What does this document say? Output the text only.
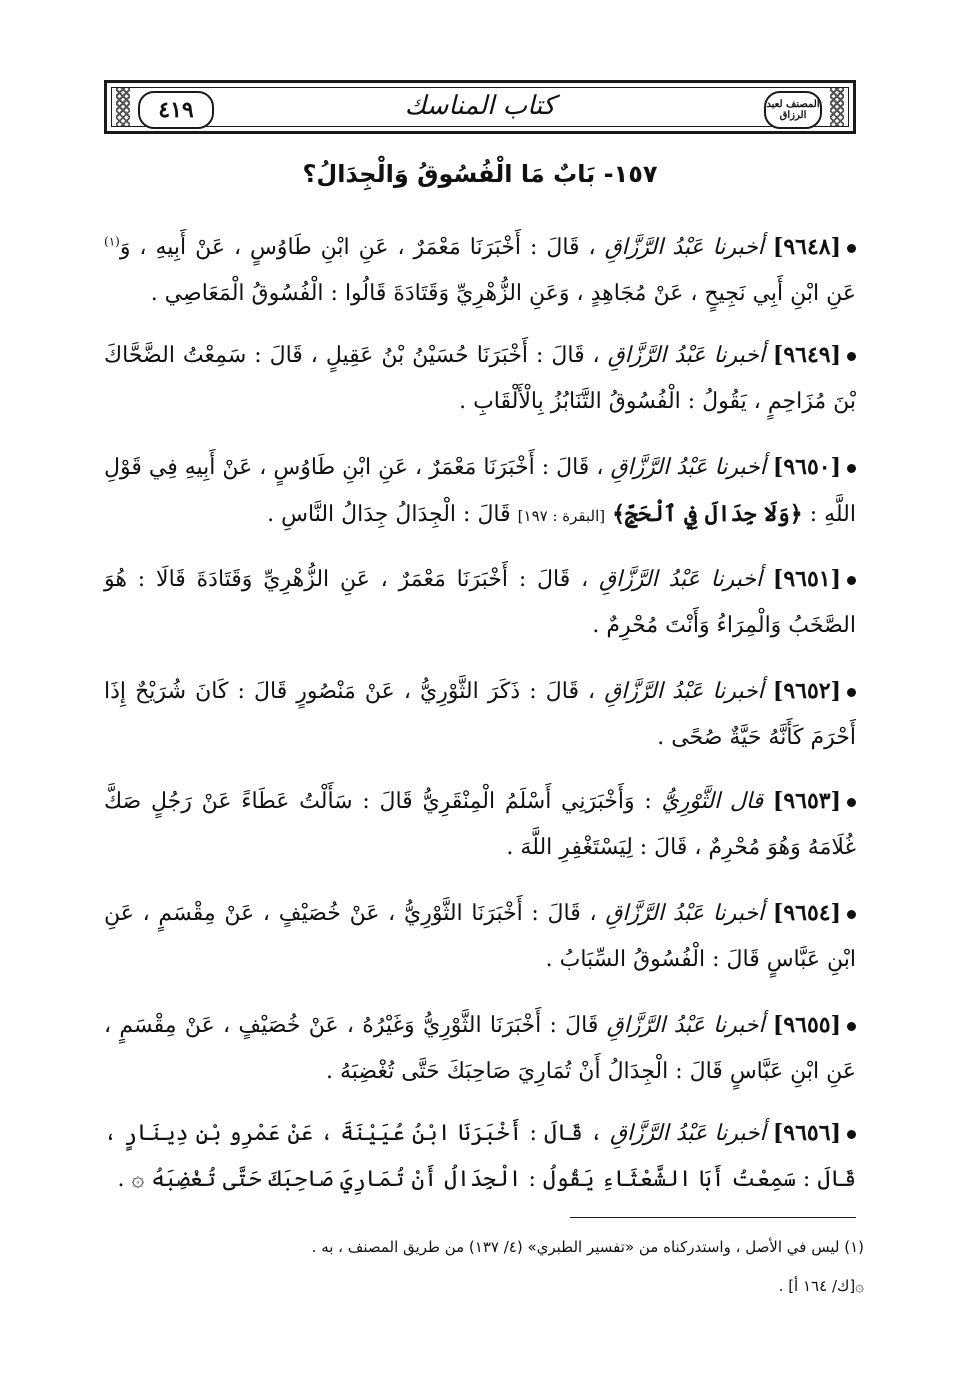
٤١٩	كتاب المناسك	المصنف لعبد الرزاق
١٥٧- بَابٌ مَا الْفُسُوقُ وَالْجِدَالُ؟
[٩٦٤٨] أخبرنا عَبْدُ الرَّزَّاقِ ، قَالَ : أَخْبَرَنَا مَعْمَرٌ ، عَنِ ابْنِ طَاوُسٍ ، عَنْ أَبِيهِ ، وَ$^{(١)}$ عَنِ ابْنِ أَبِي نَجِيحٍ ، عَنْ مُجَاهِدٍ ، وَعَنِ الزُّهْرِيِّ وَقَتَادَةَ قَالُوا : الْفُسُوقُ الْمَعَاصِي .
[٩٦٤٩] أخبرنا عَبْدُ الرَّزَّاقِ ، قَالَ : أَخْبَرَنَا حُسَيْنُ بْنُ عَقِيلٍ ، قَالَ : سَمِعْتُ الضَّحَّاكَ بْنَ مُزَاحِمٍ ، يَقُولُ : الْفُسُوقُ التَّنَابُزُ بِالْأَلْقَابِ .
[٩٦٥٠] أخبرنا عَبْدُ الرَّزَّاقِ ، قَالَ : أَخْبَرَنَا مَعْمَرٌ ، عَنِ ابْنِ طَاوُسٍ ، عَنْ أَبِيهِ فِي قَوْلِ اللَّهِ : ﴿وَلَا جِدَالَ فِي ٱلْحَجِّ﴾ [البقرة : ١٩٧] قَالَ : الْجِدَالُ جِدَالُ النَّاسِ .
[٩٦٥١] أخبرنا عَبْدُ الرَّزَّاقِ ، قَالَ : أَخْبَرَنَا مَعْمَرٌ ، عَنِ الزُّهْرِيِّ وَقَتَادَةَ قَالَا : هُوَ الصَّخَبُ وَالْمِرَاءُ وَأَنْتَ مُحْرِمٌ .
[٩٦٥٢] أخبرنا عَبْدُ الرَّزَّاقِ ، قَالَ : ذَكَرَ الثَّوْرِيُّ ، عَنْ مَنْصُورٍ قَالَ : كَانَ شُرَيْحٌ إِذَا أَحْرَمَ كَأَنَّهُ حَيَّةٌ صُحًى .
[٩٦٥٣] قال الثَّوْرِيُّ : وَأَخْبَرَنِي أَسْلَمُ الْمِنْقَرِيُّ قَالَ : سَأَلْتُ عَطَاءً عَنْ رَجُلٍ صَكَّ غُلَامَهُ وَهُوَ مُحْرِمٌ ، قَالَ : لِيَسْتَغْفِرِ اللَّهَ .
[٩٦٥٤] أخبرنا عَبْدُ الرَّزَّاقِ ، قَالَ : أَخْبَرَنَا الثَّوْرِيُّ ، عَنْ خُصَيْفٍ ، عَنْ مِقْسَمٍ ، عَنِ ابْنِ عَبَّاسٍ قَالَ : الْفُسُوقُ السِّبَابُ .
[٩٦٥٥] أخبرنا عَبْدُ الرَّزَّاقِ قَالَ : أَخْبَرَنَا الثَّوْرِيُّ وَغَيْرُهُ ، عَنْ خُصَيْفٍ ، عَنْ مِقْسَمٍ ، عَنِ ابْنِ عَبَّاسٍ قَالَ : الْجِدَالُ أَنْ تُمَارِيَ صَاحِبَكَ حَتَّى تُغْضِبَهُ .
[٩٦٥٦] أخبرنا عَبْدُ الرَّزَّاقِ ، قَالَ : أَخْبَرَنَا ابْنُ عُيَيْنَةَ ، عَنْ عَمْرِو بْنِ دِينَارٍ ، قَالَ : سَمِعْتُ أَبَا الشَّعْثَاءِ يَقُولُ : الْجِدَالُ أَنْ تُمَارِيَ صَاحِبَكَ حَتَّى تُغْضِبَهُ ۞ .
(١) ليس في الأصل ، واستدركناه من «تفسير الطبري» (٤/ ١٣٧) من طريق المصنف ، به .
۞[ك/ ١٦٤ أ] .
